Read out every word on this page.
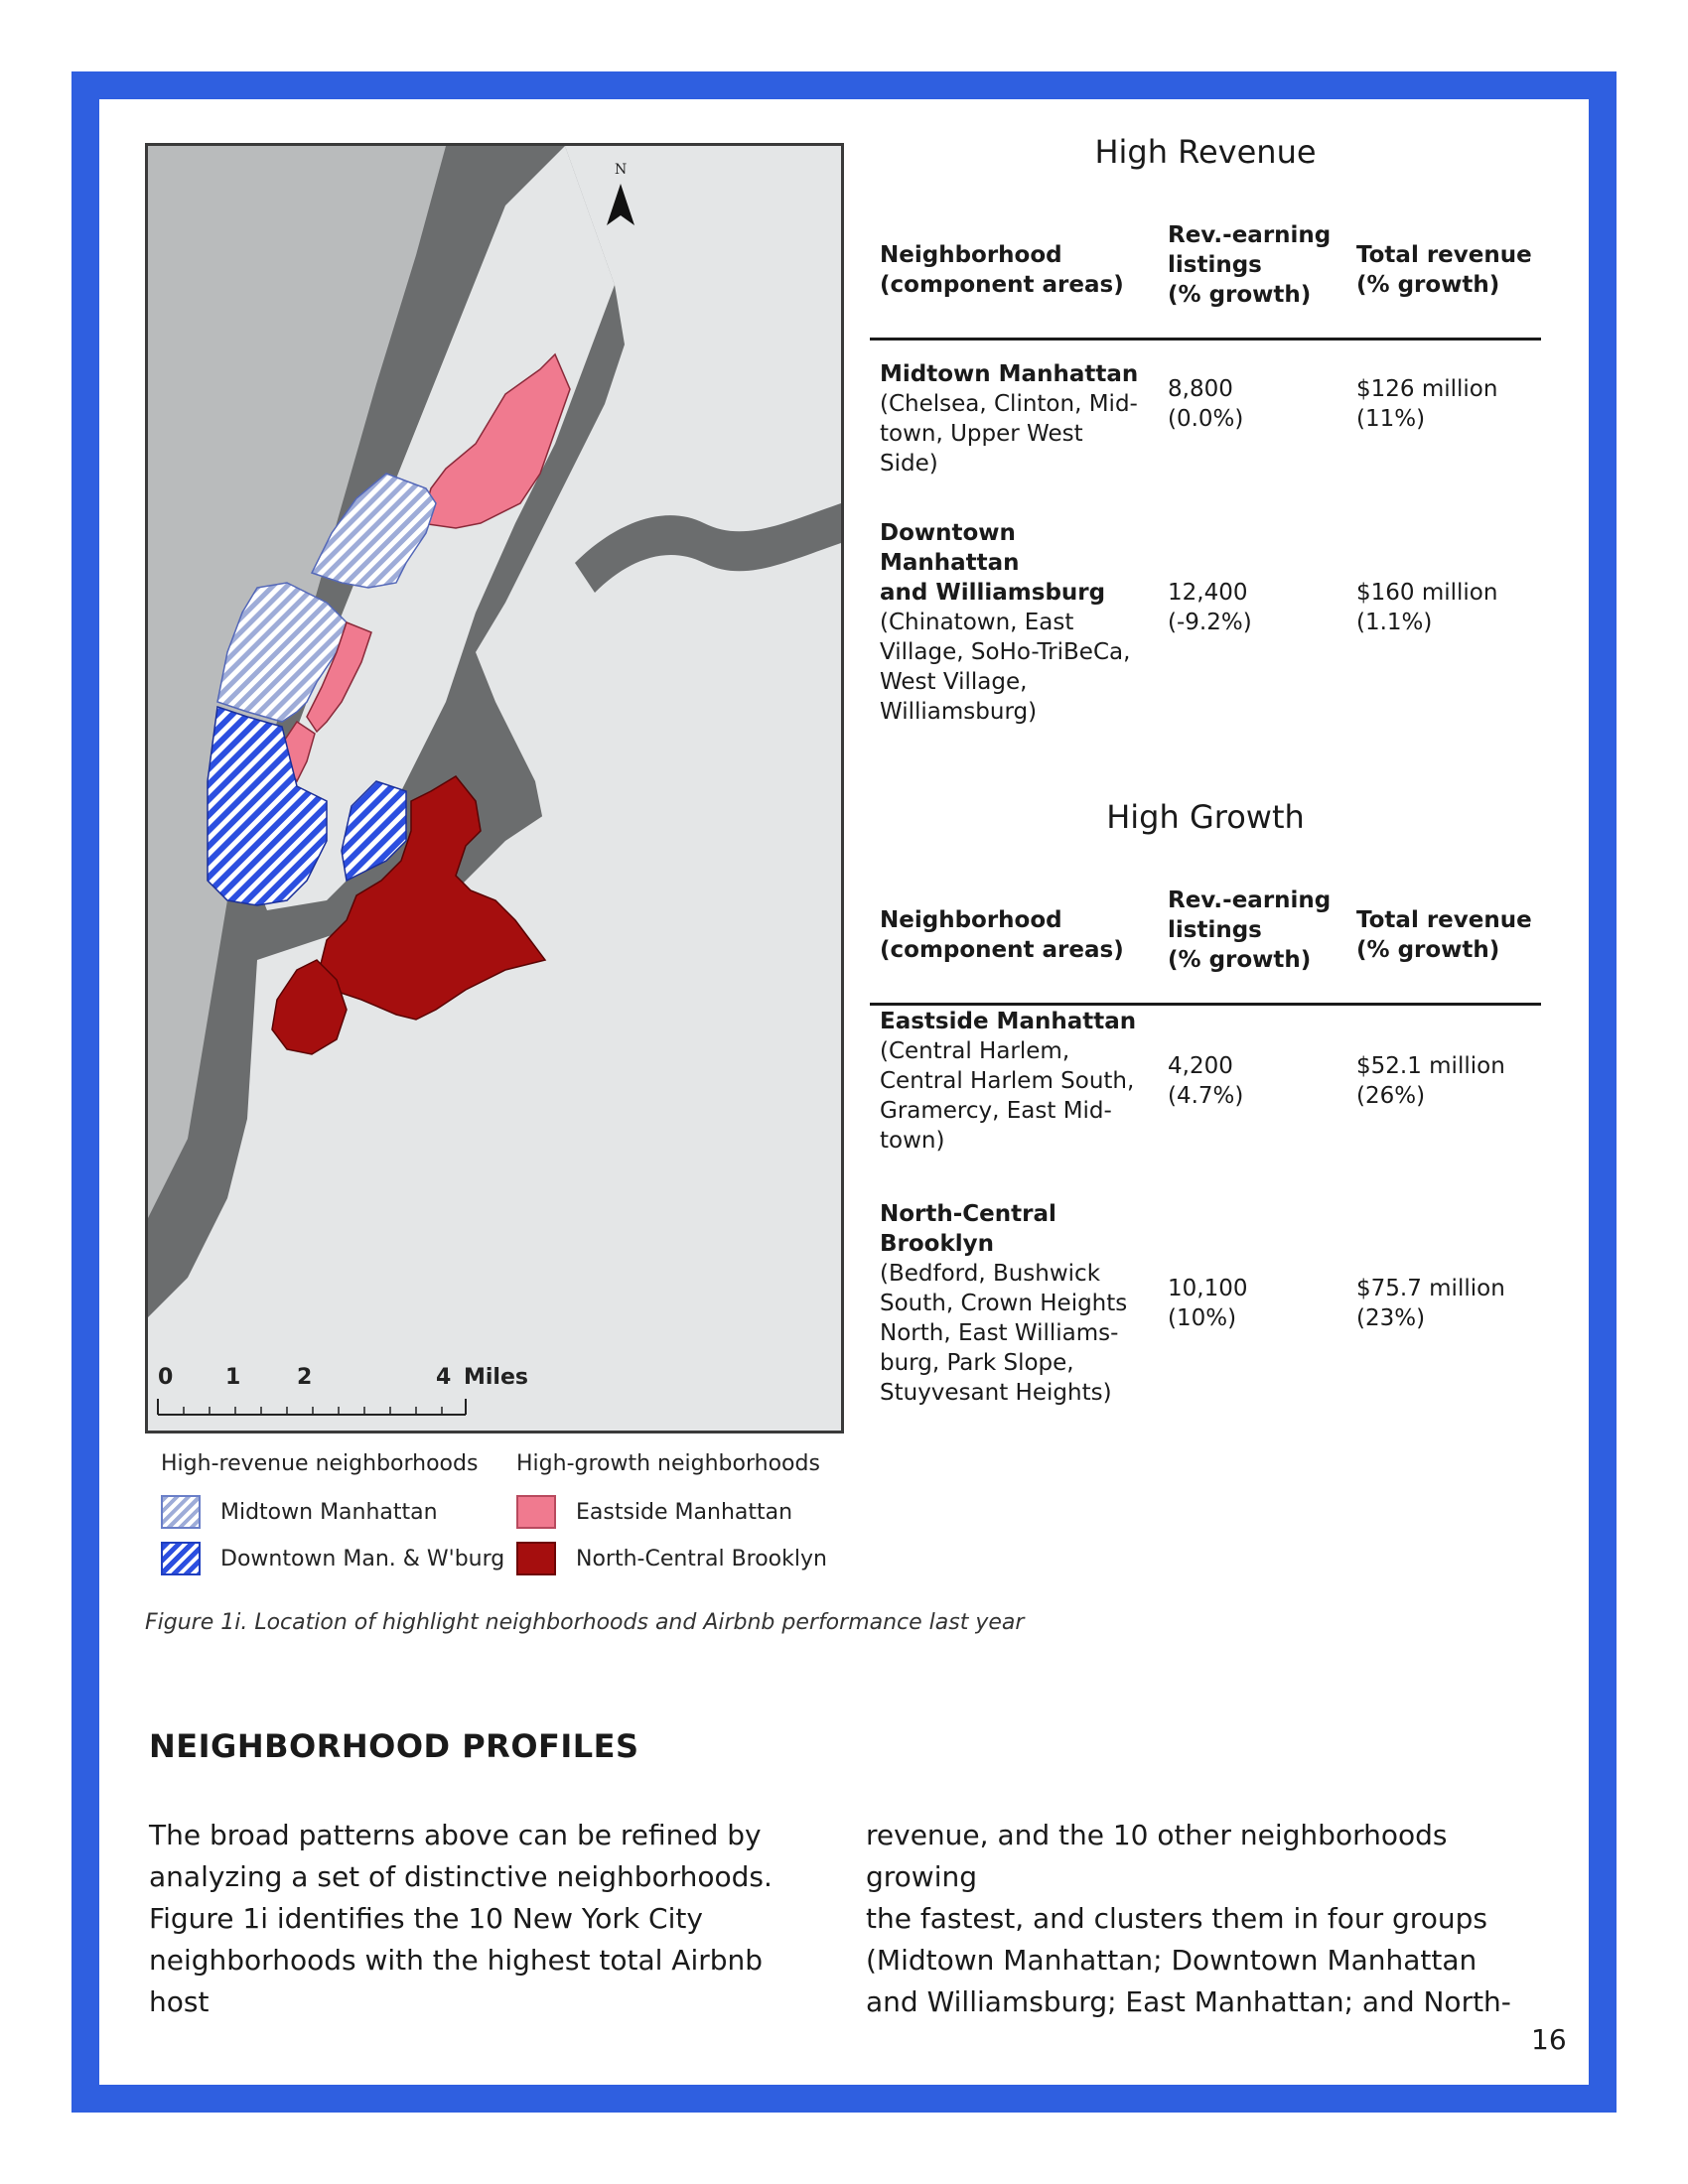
N
0 1	2	4 Miles
High-revenue neighborhoods
Midtown Manhattan
Downtown Man. & W'burg
High-growth neighborhoods
Eastside Manhattan
North-Central Brooklyn
High Revenue
Neighborhood
(component areas)
Rev.-earning
listings
(% growth)
Total revenue
(% growth)
Midtown Manhattan
(Chelsea, Clinton, Mid-
town, Upper West Side)
8,800
(0.0%)
$126 million
(11%)
Downtown Manhattan
and Williamsburg
(Chinatown, East
Village, SoHo-TriBeCa,
West Village,
Williamsburg)
12,400
(-9.2%)
$160 million
(1.1%)
High Growth
Neighborhood
(component areas)
Rev.-earning
listings
(% growth)
Total revenue
(% growth)
Eastside Manhattan
(Central Harlem,
Central Harlem South,
Gramercy, East Mid-
town)
4,200
(4.7%)
$52.1 million
(26%)
North-Central
Brooklyn
(Bedford, Bushwick
South, Crown Heights
North, East Williams-
burg, Park Slope,
Stuyvesant Heights)
10,100
(10%)
$75.7 million
(23%)
Figure 1i. Location of highlight neighborhoods and Airbnb performance last year
NEIGHBORHOOD PROFILES
The broad patterns above can be refined by
analyzing a set of distinctive neighborhoods.
Figure 1i identifies the 10 New York City
neighborhoods with the highest total Airbnb host
revenue, and the 10 other neighborhoods growing
the fastest, and clusters them in four groups
(Midtown Manhattan; Downtown Manhattan
and Williamsburg; East Manhattan; and North-
16
